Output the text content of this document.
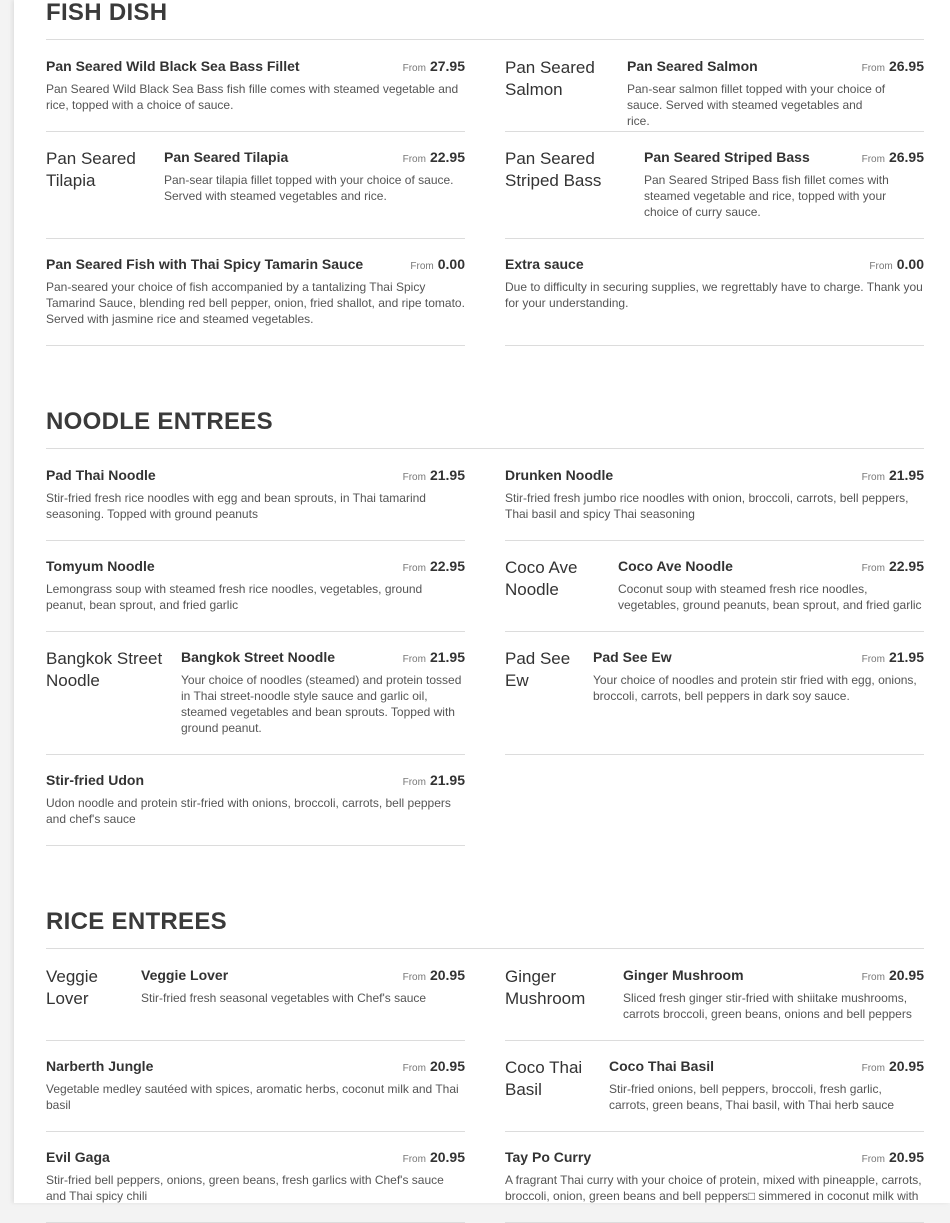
FISH DISH
Pan Seared Wild Black Sea Bass Fillet	From 27.95
Pan Seared Wild Black Sea Bass fish fille comes with steamed vegetable and rice, topped with a choice of sauce.
Pan Seared Salmon
Pan Seared Salmon	From 26.95
Pan-sear salmon fillet topped with your choice of sauce. Served with steamed vegetables and rice.
Pan Seared Tilapia
Pan Seared Tilapia	From 22.95
Pan-sear tilapia fillet topped with your choice of sauce. Served with steamed vegetables and rice.
Pan Seared Striped Bass
Pan Seared Striped Bass	From 26.95
Pan Seared Striped Bass fish fillet comes with steamed vegetable and rice, topped with your choice of curry sauce.
Pan Seared Fish with Thai Spicy Tamarin Sauce	From 0.00
Pan-seared your choice of fish accompanied by a tantalizing Thai Spicy Tamarind Sauce, blending red bell pepper, onion, fried shallot, and ripe tomato. Served with jasmine rice and steamed vegetables.
Extra sauce	From 0.00
Due to difficulty in securing supplies, we regrettably have to charge. Thank you for your understanding.
NOODLE ENTREES
Pad Thai Noodle	From 21.95
Stir-fried fresh rice noodles with egg and bean sprouts, in Thai tamarind seasoning. Topped with ground peanuts
Drunken Noodle	From 21.95
Stir-fried fresh jumbo rice noodles with onion, broccoli, carrots, bell peppers, Thai basil and spicy Thai seasoning
Tomyum Noodle	From 22.95
Lemongrass soup with steamed fresh rice noodles, vegetables, ground peanut, bean sprout, and fried garlic
Coco Ave Noodle
Coco Ave Noodle	From 22.95
Coconut soup with steamed fresh rice noodles, vegetables, ground peanuts, bean sprout, and fried garlic
Bangkok Street Noodle
Bangkok Street Noodle	From 21.95
Your choice of noodles (steamed) and protein tossed in Thai street-noodle style sauce and garlic oil, steamed vegetables and bean sprouts. Topped with ground peanut.
Pad See Ew
Pad See Ew	From 21.95
Your choice of noodles and protein stir fried with egg, onions, broccoli, carrots, bell peppers in dark soy sauce.
Stir-fried Udon	From 21.95
Udon noodle and protein stir-fried with onions, broccoli, carrots, bell peppers and chef's sauce
RICE ENTREES
Veggie Lover
Veggie Lover	From 20.95
Stir-fried fresh seasonal vegetables with Chef's sauce
Ginger Mushroom
Ginger Mushroom	From 20.95
Sliced fresh ginger stir-fried with shiitake mushrooms, carrots broccoli, green beans, onions and bell peppers
Narberth Jungle	From 20.95
Vegetable medley sautéed with spices, aromatic herbs, coconut milk and Thai basil
Coco Thai Basil
Coco Thai Basil	From 20.95
Stir-fried onions, bell peppers, broccoli, fresh garlic, carrots, green beans, Thai basil, with Thai herb sauce
Evil Gaga	From 20.95
Stir-fried bell peppers, onions, green beans, fresh garlics with Chef's sauce and Thai spicy chili
Tay Po Curry	From 20.95
A fragrant Thai curry with your choice of protein, mixed with pineapple, carrots, broccoli, onion, green beans and bell peppers□ simmered in coconut milk with
